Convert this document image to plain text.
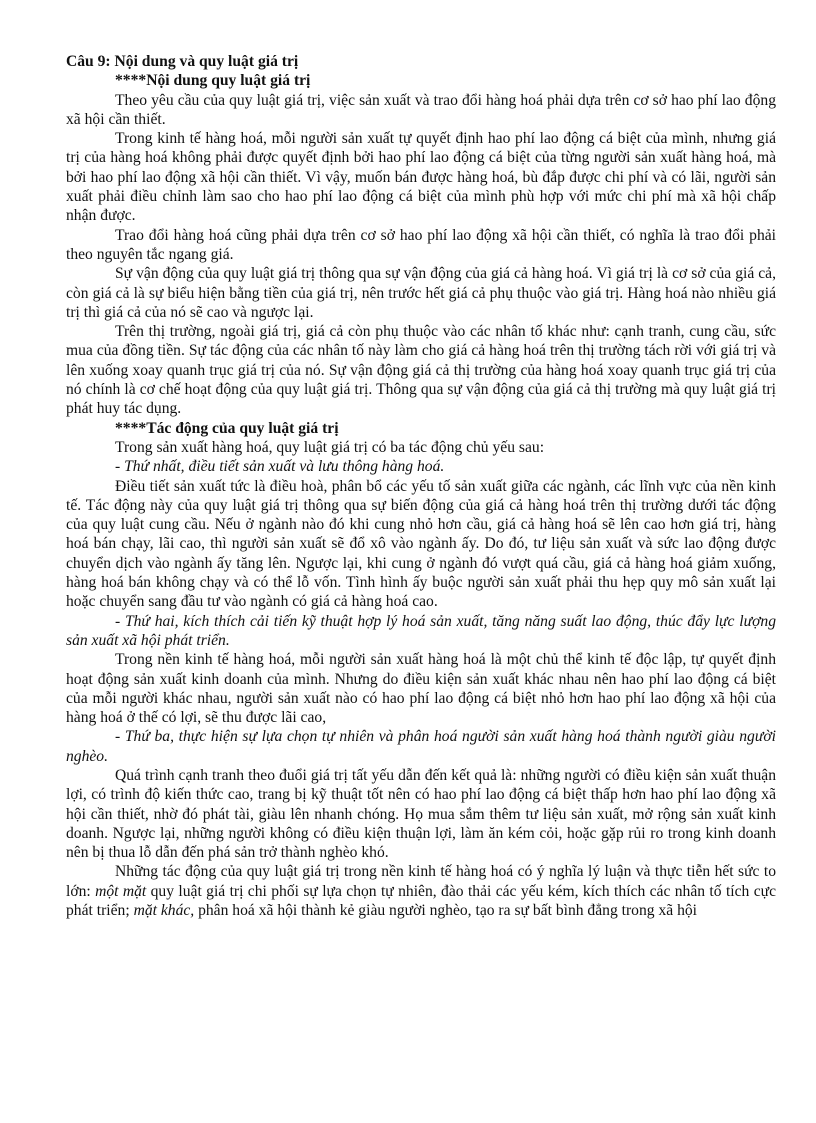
Câu 9: Nội dung và quy luật giá trị

****Nội dung quy luật giá trị

Theo yêu cầu của quy luật giá trị, việc sản xuất và trao đổi hàng hoá phải dựa trên cơ sở hao phí lao động xã hội cần thiết.

Trong kinh tế hàng hoá, mỗi người sản xuất tự quyết định hao phí lao động cá biệt của mình, nhưng giá trị của hàng hoá không phải được quyết định bởi hao phí lao động cá biệt của từng người sản xuất hàng hoá, mà bởi hao phí lao động xã hội cần thiết. Vì vậy, muốn bán được hàng hoá, bù đắp được chi phí và có lãi, người sản xuất phải điều chỉnh làm sao cho hao phí lao động cá biệt của mình phù hợp với mức chi phí mà xã hội chấp nhận được.

Trao đổi hàng hoá cũng phải dựa trên cơ sở hao phí lao động xã hội cần thiết, có nghĩa là trao đổi phải theo nguyên tắc ngang giá.

Sự vận động của quy luật giá trị thông qua sự vận động của giá cả hàng hoá. Vì giá trị là cơ sở của giá cả, còn giá cả là sự biểu hiện bằng tiền của giá trị, nên trước hết giá cả phụ thuộc vào giá trị. Hàng hoá nào nhiều giá trị thì giá cả của nó sẽ cao và ngược lại.

Trên thị trường, ngoài giá trị, giá cả còn phụ thuộc vào các nhân tố khác như: cạnh tranh, cung cầu, sức mua của đồng tiền. Sự tác động của các nhân tố này làm cho giá cả hàng hoá trên thị trường tách rời với giá trị và lên xuống xoay quanh trục giá trị của nó. Sự vận động giá cả thị trường của hàng hoá xoay quanh trục giá trị của nó chính là cơ chế hoạt động của quy luật giá trị. Thông qua sự vận động của giá cả thị trường mà quy luật giá trị phát huy tác dụng.

****Tác động của quy luật giá trị

Trong sản xuất hàng hoá, quy luật giá trị có ba tác động chủ yếu sau:

- Thứ nhất, điều tiết sản xuất và lưu thông hàng hoá.

Điều tiết sản xuất tức là điều hoà, phân bổ các yếu tố sản xuất giữa các ngành, các lĩnh vực của nền kinh tế. Tác động này của quy luật giá trị thông qua sự biến động của giá cả hàng hoá trên thị trường dưới tác động của quy luật cung cầu. Nếu ở ngành nào đó khi cung nhỏ hơn cầu, giá cả hàng hoá sẽ lên cao hơn giá trị, hàng hoá bán chạy, lãi cao, thì người sản xuất sẽ đổ xô vào ngành ấy. Do đó, tư liệu sản xuất và sức lao động được chuyển dịch vào ngành ấy tăng lên. Ngược lại, khi cung ở ngành đó vượt quá cầu, giá cả hàng hoá giảm xuống, hàng hoá bán không chạy và có thể lỗ vốn. Tình hình ấy buộc người sản xuất phải thu hẹp quy mô sản xuất lại hoặc chuyển sang đầu tư vào ngành có giá cả hàng hoá cao.

- Thứ hai, kích thích cải tiến kỹ thuật hợp lý hoá sản xuất, tăng năng suất lao động, thúc đẩy lực lượng sản xuất xã hội phát triển.

Trong nền kinh tế hàng hoá, mỗi người sản xuất hàng hoá là một chủ thể kinh tế độc lập, tự quyết định hoạt động sản xuất kinh doanh của mình. Nhưng do điều kiện sản xuất khác nhau nên hao phí lao động cá biệt của mỗi người khác nhau, người sản xuất nào có hao phí lao động cá biệt nhỏ hơn hao phí lao động xã hội của hàng hoá ở thế có lợi, sẽ thu được lãi cao,

- Thứ ba, thực hiện sự lựa chọn tự nhiên và phân hoá người sản xuất hàng hoá thành người giàu người nghèo.

Quá trình cạnh tranh theo đuổi giá trị tất yếu dẫn đến kết quả là: những người có điều kiện sản xuất thuận lợi, có trình độ kiến thức cao, trang bị kỹ thuật tốt nên có hao phí lao động cá biệt thấp hơn hao phí lao động xã hội cần thiết, nhờ đó phát tài, giàu lên nhanh chóng. Họ mua sắm thêm tư liệu sản xuất, mở rộng sản xuất kinh doanh. Ngược lại, những người không có điều kiện thuận lợi, làm ăn kém cỏi, hoặc gặp rủi ro trong kinh doanh nên bị thua lỗ dẫn đến phá sản trở thành nghèo khó.

Những tác động của quy luật giá trị trong nền kinh tế hàng hoá có ý nghĩa lý luận và thực tiễn hết sức to lớn: một mặt quy luật giá trị chi phối sự lựa chọn tự nhiên, đào thải các yếu kém, kích thích các nhân tố tích cực phát triển; mặt khác, phân hoá xã hội thành kẻ giàu người nghèo, tạo ra sự bất bình đẳng trong xã hội
